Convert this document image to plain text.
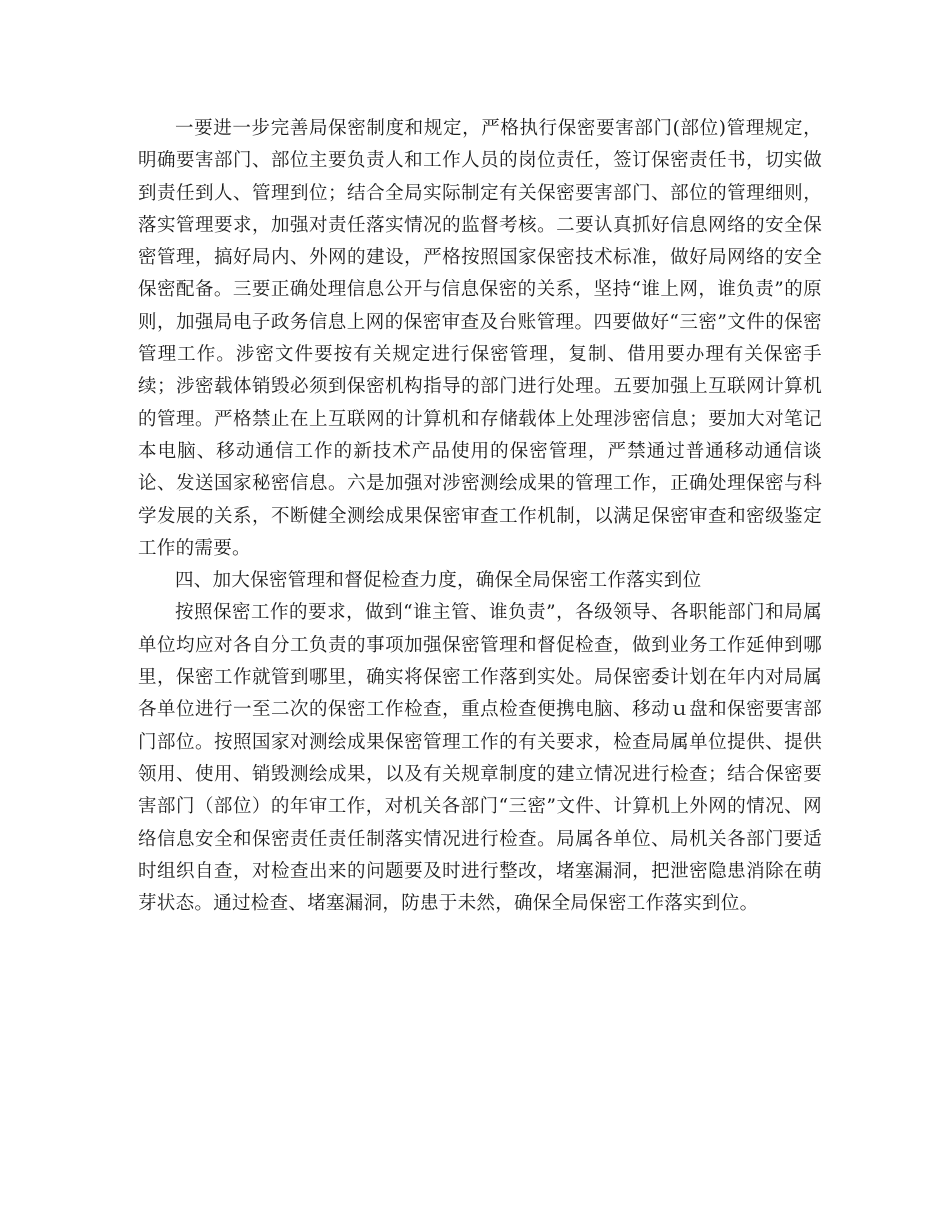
一要进一步完善局保密制度和规定，严格执行保密要害部门(部位)管理规定，明确要害部门、部位主要负责人和工作人员的岗位责任，签订保密责任书，切实做到责任到人、管理到位；结合全局实际制定有关保密要害部门、部位的管理细则，落实管理要求，加强对责任落实情况的监督考核。二要认真抓好信息网络的安全保密管理，搞好局内、外网的建设，严格按照国家保密技术标准，做好局网络的安全保密配备。三要正确处理信息公开与信息保密的关系，坚持“谁上网，谁负责”的原则，加强局电子政务信息上网的保密审查及台账管理。四要做好“三密”文件的保密管理工作。涉密文件要按有关规定进行保密管理，复制、借用要办理有关保密手续；涉密载体销毁必须到保密机构指导的部门进行处理。五要加强上互联网计算机的管理。严格禁止在上互联网的计算机和存储载体上处理涉密信息；要加大对笔记本电脑、移动通信工作的新技术产品使用的保密管理，严禁通过普通移动通信谈论、发送国家秘密信息。六是加强对涉密测绘成果的管理工作，正确处理保密与科学发展的关系，不断健全测绘成果保密审查工作机制，以满足保密审查和密级鉴定工作的需要。

四、加大保密管理和督促检查力度，确保全局保密工作落实到位

按照保密工作的要求，做到“谁主管、谁负责”，各级领导、各职能部门和局属单位均应对各自分工负责的事项加强保密管理和督促检查，做到业务工作延伸到哪里，保密工作就管到哪里，确实将保密工作落到实处。局保密委计划在年内对局属各单位进行一至二次的保密工作检查，重点检查便携电脑、移动ｕ盘和保密要害部门部位。按照国家对测绘成果保密管理工作的有关要求，检查局属单位提供、提供领用、使用、销毁测绘成果，以及有关规章制度的建立情况进行检查；结合保密要害部门（部位）的年审工作，对机关各部门“三密”文件、计算机上外网的情况、网络信息安全和保密责任责任制落实情况进行检查。局属各单位、局机关各部门要适时组织自查，对检查出来的问题要及时进行整改，堵塞漏洞，把泄密隐患消除在萌芽状态。通过检查、堵塞漏洞，防患于未然，确保全局保密工作落实到位。
